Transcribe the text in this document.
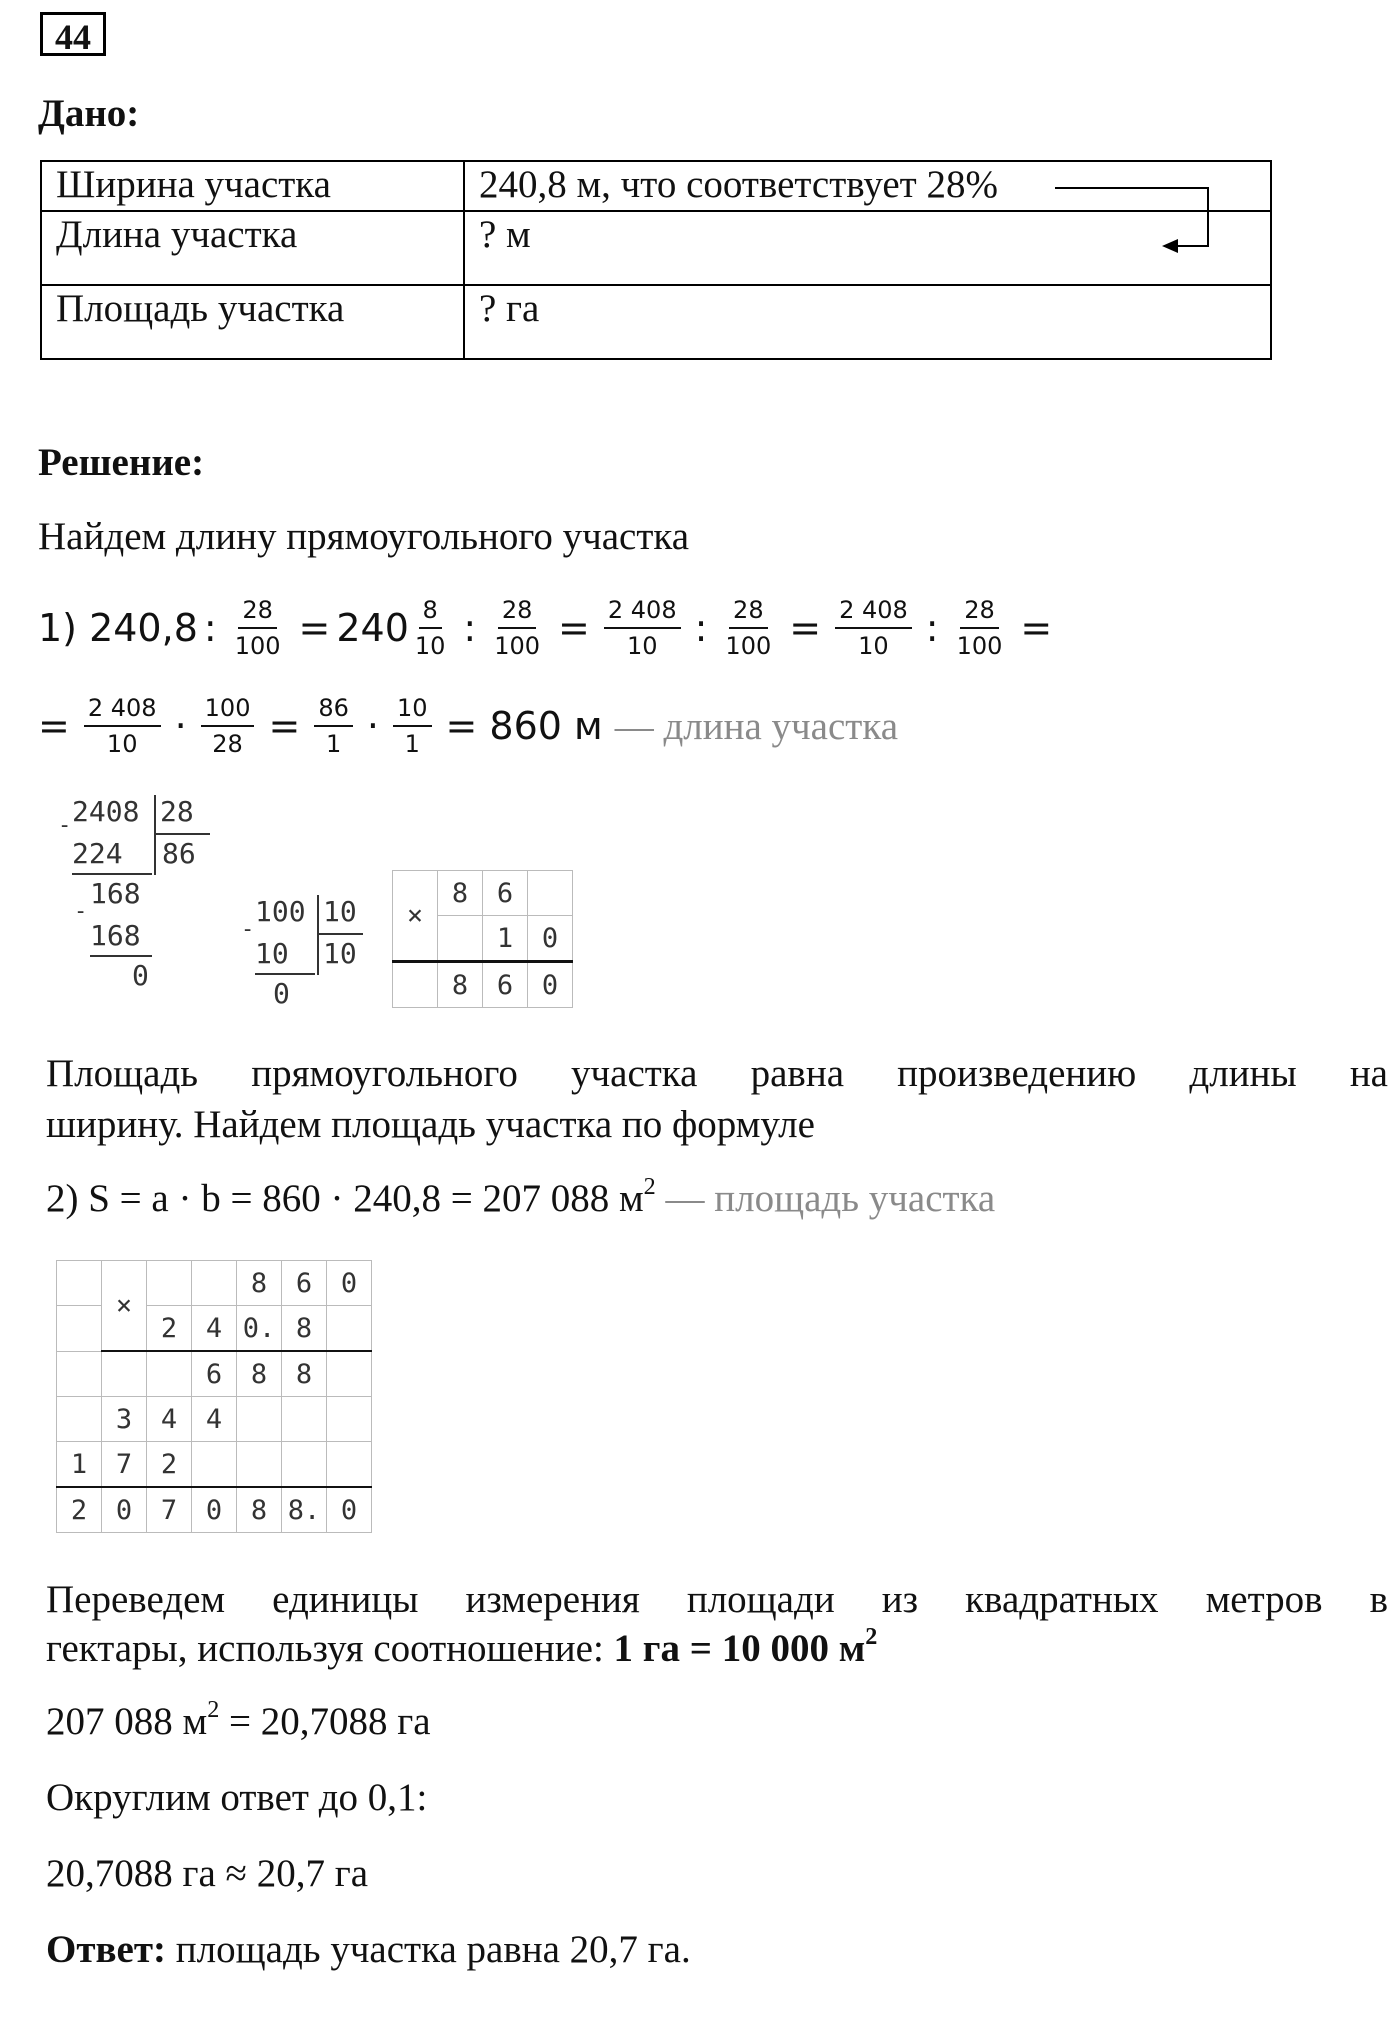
44
Дано:
Ширина участка	240,8 м, что соответствует 28%
Длина участка	? м
Площадь участка	? га
Решение:
Найдем длину прямоугольного участка
1) 240,8 : $\frac{28}{100} = 240 \frac{8}{10}$ : $\frac{28}{100} = \frac{2 408}{10}$ : $\frac{28}{100} = \frac{2 408}{10}$ : $\frac{28}{100}$ =
= $\frac{2 408}{10} \cdot \frac{100}{28} = \frac{86}{1} \cdot \frac{10}{1} = 860$ м — длина участка
2408 28
86
-
224
168
-
168
0
100 10
10
-
10
0
×	8	6	
		1	0
	8	6	0
Площадь прямоугольного участка равна произведению длины на
ширину. Найдем площадь участка по формуле
2) S = a · b = 860 · 240,8 = 207 088 $м^2$ — площадь участка
	×			8	6	0
		2	4	0.	8	
			6	8	8	
	3	4	4			
1	7	2				
2	0	7	0	8	8.	0
Переведем единицы измерения площади из квадратных метров в
гектары, используя соотношение: 1 га = 10 000 $м^2$
207 088 $м^2 = 20,7088$ га
Округлим ответ до 0,1:
20,7088 га ≈ 20,7 га
Ответ: площадь участка равна 20,7 га.
